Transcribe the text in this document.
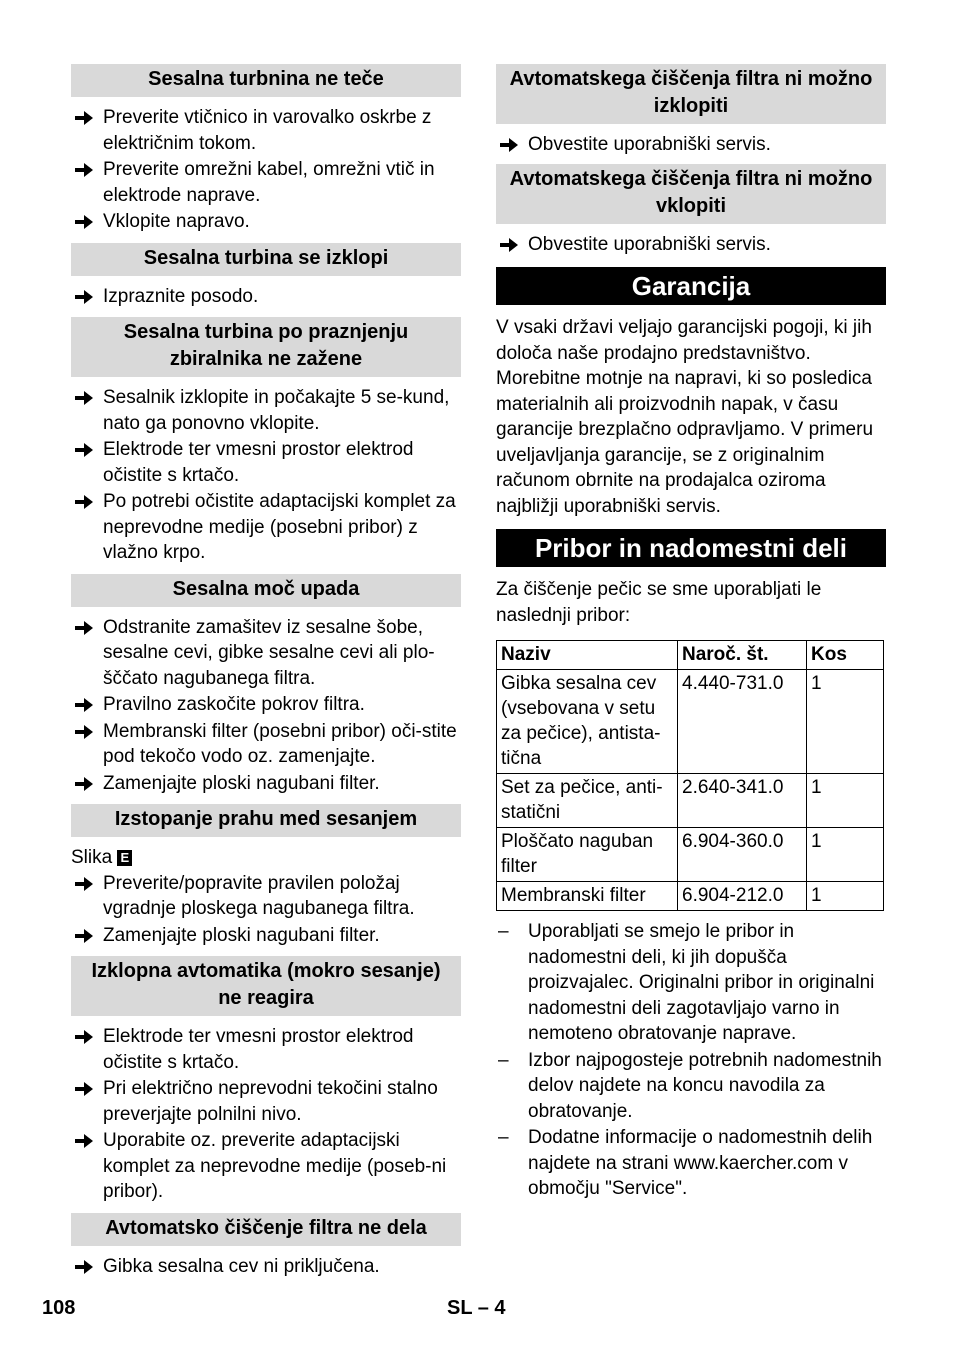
Sesalna turbnina ne teče
Preverite vtičnico in varovalko oskrbe z električnim tokom.
Preverite omrežni kabel, omrežni vtič in elektrode naprave.
Vklopite napravo.
Sesalna turbina se izklopi
Izpraznite posodo.
Sesalna turbina po praznjenju zbiralnika ne zažene
Sesalnik izklopite in počakajte 5 se-kund, nato ga ponovno vklopite.
Elektrode ter vmesni prostor elektrod očistite s krtačo.
Po potrebi očistite adaptacijski komplet za neprevodne medije (posebni pribor) z vlažno krpo.
Sesalna moč upada
Odstranite zamašitev iz sesalne šobe, sesalne cevi, gibke sesalne cevi ali plo-šččato nagubanega filtra.
Pravilno zaskočite pokrov filtra.
Membranski filter (posebni pribor) oči-stite pod tekočo vodo oz. zamenjajte.
Zamenjajte ploski nagubani filter.
Izstopanje prahu med sesanjem
Slika E
Preverite/popravite pravilen položaj vgradnje ploskega nagubanega filtra.
Zamenjajte ploski nagubani filter.
Izklopna avtomatika (mokro sesanje) ne reagira
Elektrode ter vmesni prostor elektrod očistite s krtačo.
Pri električno neprevodni tekočini stalno preverjajte polnilni nivo.
Uporabite oz. preverite adaptacijski komplet za neprevodne medije (poseb-ni pribor).
Avtomatsko čiščenje filtra ne dela
Gibka sesalna cev ni priključena.
Avtomatskega čiščenja filtra ni možno izklopiti
Obvestite uporabniški servis.
Avtomatskega čiščenja filtra ni možno vklopiti
Obvestite uporabniški servis.
Garancija
V vsaki državi veljajo garancijski pogoji, ki jih določa naše prodajno predstavništvo. Morebitne motnje na napravi, ki so posledica materialnih ali proizvodnih napak, v času garancije brezplačno odpravljamo. V primeru uveljavljanja garancije, se z originalnim računom obrnite na prodajalca oziroma najbližji uporabniški servis.
Pribor in nadomestni deli
Za čiščenje pečic se sme uporabljati le naslednji pribor:
Naziv	Naroč. št.	Kos
Gibka sesalna cev (vsebovana v setu za pečice), antista-tična	4.440-731.0	1
Set za pečice, anti-statični	2.640-341.0	1
Ploščato naguban filter	6.904-360.0	1
Membranski filter	6.904-212.0	1
– Uporabljati se smejo le pribor in nadomestni deli, ki jih dopušča proizvajalec. Originalni pribor in originalni nadomestni deli zagotavljajo varno in nemoteno obratovanje naprave.
– Izbor najpogosteje potrebnih nadomestnih delov najdete na koncu navodila za obratovanje.
– Dodatne informacije o nadomestnih delih najdete na strani www.kaercher.com v območju "Service".
108	SL – 4
